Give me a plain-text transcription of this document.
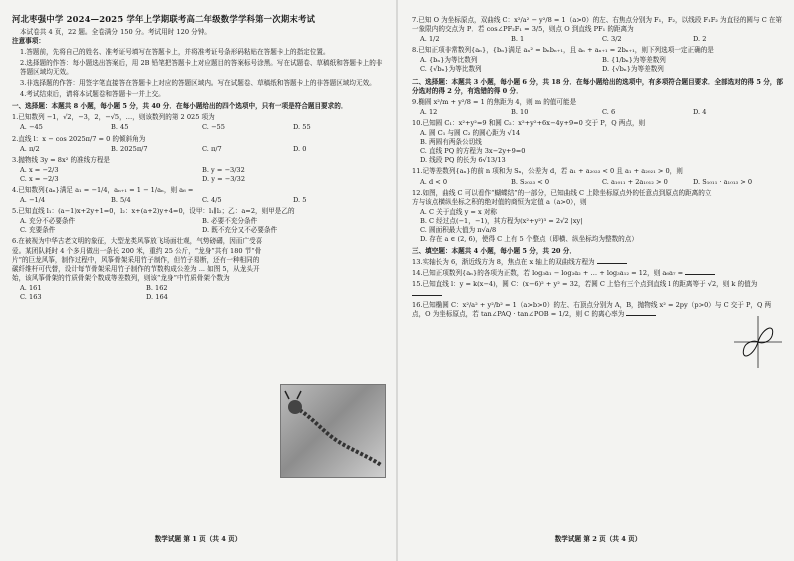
河北枣强中学 2024—2025 学年上学期联考高二年级数学学科第一次期末考试

本试卷共 4 页，22 题。全卷满分 150 分。考试用时 120 分钟。

注意事项：

1.答题前，先将自己的姓名、准考证号填写在答题卡上，并将准考证号条形码粘贴在答题卡上的指定位置。

2.选择题的作答：每小题选出答案后，用 2B 铅笔把答题卡上对应题目的答案标号涂黑。写在试题卷、草稿纸和答题卡上的非答题区域均无效。

3.非选择题的作答：用签字笔直接答在答题卡上对应的答题区域内。写在试题卷、草稿纸和答题卡上的非答题区域均无效。

4.考试结束后，请将本试题卷和答题卡一并上交。

一、选择题：本题共 8 小题，每小题 5 分，共 40 分．在每小题给出的四个选项中，只有一项是符合题目要求的．

1.已知数列 −1，√2，−3，2，−√5，…，则该数列的第 2 025 项为

A. −45	B. 45	C. −55	D. 55

2.直线 l：x − cos 2025π/7 = 0 的倾斜角为

A. π/2	B. 2025π/7	C. π/7	D. 0

3.抛物线 3y = 8x² 的准线方程是

A. x = −2/3	B. y = −3/32
C. x = −2/3	D. y = −3/32

4.已知数列{aₙ}满足 a₁ = −1/4，aₙ₊₁ = 1 − 1/aₙ，则 a₆ =

A. −1/4	B. 5/4	C. 4/5	D. 5

5.已知直线 l₁：(a−1)x+2y+1=0，l₂：x+(a+2)y+4=0，设甲：l₁∥l₂；乙：a=2，则甲是乙的

A. 充分不必要条件	B. 必要不充分条件
C. 充要条件	D. 既不充分又不必要条件

6.在被视为中华古老文明的象征，大型龙类风筝放飞场面壮观，气势磅礴，因而广受喜爱。某团队耗时 4 个多月做出一条长 200 米，重约 25 公斤，“龙身”共有 180 节“骨片”的巨龙风筝，制作过程中，风筝骨架采用竹子制作，但竹子易断，还有一种相同的碳纤维杆可代替，设计每节骨架采用竹子制作的节数构成公差为 ... 如图 5，从龙头开始，该风筝骨架的竹质骨架个数成等差数列，则该“龙身”中竹质骨架个数为

A. 161	B. 162
C. 163	D. 164
数学试题 第 1 页（共 4 页）

7.已知 O 为坐标原点，双曲线 C：x²/a² − y²/8 = 1（a>0）的左、右焦点分别为 F₁，F₂，以线段 F₁F₂ 为直径的圆与 C 在第一象限内的交点为 P．若 cos∠PF₂F₁ = 3/5，则点 O 到直线 PF₁ 的距离为

A. 1/2	B. 1	C. 3/2	D. 2

8.已知正项非常数列{aₙ}，{bₙ}满足 aₙ² = bₙbₙ₊₁，且 aₙ + aₙ₊₁ = 2bₙ₊₁，则下列选项一定正确的是

A. {bₙ}为等比数列	B. {1/bₙ}为等差数列
C. {√bₙ}为等比数列	D. {√bₙ}为等差数列

二、选择题：本题共 3 小题，每小题 6 分，共 18 分．在每小题给出的选项中，有多项符合题目要求．全部选对的得 5 分，部分选对的得 2 分，有选错的得 0 分．

9.椭圆 x²/m + y²/8 = 1 的焦距为 4，则 m 的值可能是

A. 12	B. 10	C. 6	D. 4

10.已知圆 C₁：x²+y²=9 和圆 C₂：x²+y²+6x−4y+9=0 交于 P，Q 两点，则

A. 圆 C₁ 与圆 C₂ 的圆心距为 √14
B. 两圆有两条公切线
C. 直线 PQ 的方程为 3x−2y+9=0
D. 线段 PQ 的长为 6√13/13

11.记等差数列{aₙ}的前 n 项和为 Sₙ，公差为 d，若 a₁ + a₂₀₂₃ < 0 且 a₁ + a₂₀₂₁ > 0，则

A. d < 0	B. S₂₀₂₃ < 0	C. a₁₀₁₁ + 2a₁₀₁₂ > 0	D. S₁₀₁₁ · a₁₀₁₃ > 0

12.如图，曲线 C 可以看作“蝴蝶结”的一部分，已知曲线 C 上除坐标原点外的任意点到原点的距离的立方与该点横纵坐标之积的绝对值的商恒为定值 a（a>0），则

A. C 关于直线 y = x 对称
B. C 经过点(−1，−1)，其方程为(x²+y²)³ = 2√2 |xy|
C. 圆面积最大值为 π√a/8
D. 存在 a ∈ (2, 6)，使得 C 上有 5 个整点（即横、纵坐标均为整数的点）

三、填空题：本题共 4 小题，每小题 5 分，共 20 分．

13.实轴长为 6，渐近线方为 8，焦点在 x 轴上的双曲线方程为

14.已知正项数列{aₙ}的各项为正数，若 log₃a₁ − log₃a₂ + … + log₃a₁₂ = 12，则 a₆a₇ =

15.已知直线 l：y = k(x−4)，圆 C：(x−6)² + y² = 32，若圆 C 上恰有三个点到直线 l 的距离等于 √2，则 k 的值为

16.已知椭圆 C：x²/a² + y²/b² = 1（a>b>0）的左、右顶点分别为 A，B，抛物线 x² = 2py（p>0）与 C 交于 P，Q 两点，O 为坐标原点，若 tan∠PAQ · tan∠POB = 1/2，则 C 的离心率为

数学试题 第 2 页（共 4 页）
